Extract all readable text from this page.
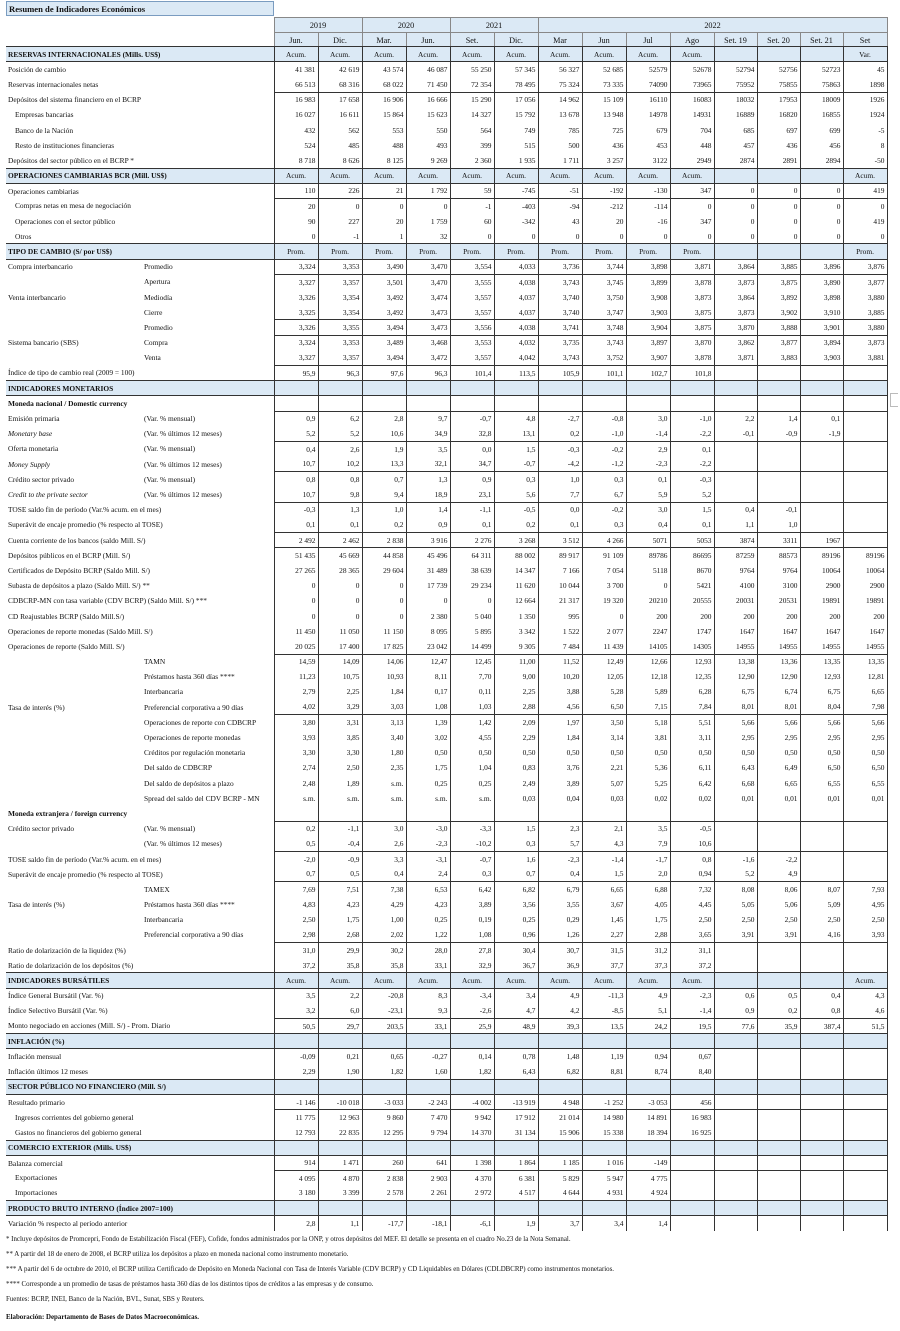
Resumen de Indicadores Económicos
	2019		2020		2021		2022							
	Jun.	Dic.	Mar.	Jun.	Set.	Dic.	Mar	Jun	Jul	Ago	Set. 19	Set. 20	Set. 21	Set
RESERVAS INTERNACIONALES (Mills. US$)		Acum.	Acum.	Acum.	Acum.	Acum.	Acum.	Acum.	Acum.	Acum.	Acum.				Var.
Posición de cambio		41 381	42 619	43 574	46 087	55 250	57 345	56 327	52 685	52579	52678	52794	52756	52723	45
Reservas internacionales netas		66 513	68 316	68 022	71 450	72 354	78 495	75 324	73 335	74090	73965	75952	75855	75863	1898
Depósitos del sistema financiero en el BCRP		16 983	17 658	16 906	16 666	15 290	17 056	14 962	15 109	16110	16083	18032	17953	18009	1926
Empresas bancarias		16 027	16 611	15 864	15 623	14 327	15 792	13 678	13 948	14978	14931	16889	16820	16855	1924
Banco de la Nación		432	562	553	550	564	749	785	725	679	704	685	697	699	-5
Resto de instituciones financieras		524	485	488	493	399	515	500	436	453	448	457	436	456	8
Depósitos del sector público en el BCRP *		8 718	8 626	8 125	9 269	2 360	1 935	1 711	3 257	3122	2949	2874	2891	2894	-50
OPERACIONES CAMBIARIAS BCR (Mill. US$)		Acum.	Acum.	Acum.	Acum.	Acum.	Acum.	Acum.	Acum.	Acum.	Acum.				Acum.
Operaciones cambiarias		110	226	21	1 792	59	-745	-51	-192	-130	347	0	0	0	419
Compras netas en mesa de negociación		20	0	0	0	-1	-403	-94	-212	-114	0	0	0	0	0
Operaciones con el sector público		90	227	20	1 759	60	-342	43	20	-16	347	0	0	0	419
Otros		0	-1	1	32	0	0	0	0	0	0	0	0	0	0
TIPO DE CAMBIO (S/ por US$)		Prom.	Prom.	Prom.	Prom.	Prom.	Prom.	Prom.	Prom.	Prom.	Prom.				Prom.
Compra interbancario	Promedio	3,324	3,353	3,490	3,470	3,554	4,033	3,736	3,744	3,898	3,871	3,864	3,885	3,896	3,876
	Apertura	3,327	3,357	3,501	3,470	3,555	4,038	3,743	3,745	3,899	3,878	3,873	3,875	3,890	3,877
Venta interbancario	Mediodía	3,326	3,354	3,492	3,474	3,557	4,037	3,740	3,750	3,908	3,873	3,864	3,892	3,898	3,880
	Cierre	3,325	3,354	3,492	3,473	3,557	4,037	3,740	3,747	3,903	3,875	3,873	3,902	3,910	3,885
	Promedio	3,326	3,355	3,494	3,473	3,556	4,038	3,741	3,748	3,904	3,875	3,870	3,888	3,901	3,880
Sistema bancario (SBS)	Compra	3,324	3,353	3,489	3,468	3,553	4,032	3,735	3,743	3,897	3,870	3,862	3,877	3,894	3,873
	Venta	3,327	3,357	3,494	3,472	3,557	4,042	3,743	3,752	3,907	3,878	3,871	3,883	3,903	3,881
Índice de tipo de cambio real (2009 = 100)		95,9	96,3	97,6	96,3	101,4	113,5	105,9	101,1	102,7	101,8				
INDICADORES MONETARIOS															
Moneda nacional / Domestic currency															
Emisión primaria	(Var. % mensual)	0,9	6,2	2,8	9,7	-0,7	4,8	-2,7	-0,8	3,0	-1,0	2,2	1,4	0,1	
Monetary base	(Var. % últimos 12 meses)	5,2	5,2	10,6	34,9	32,8	13,1	0,2	-1,0	-1,4	-2,2	-0,1	-0,9	-1,9	
Oferta monetaria	(Var. % mensual)	0,4	2,6	1,9	3,5	0,0	1,5	-0,3	-0,2	2,9	0,1				
Money Supply	(Var. % últimos 12 meses)	10,7	10,2	13,3	32,1	34,7	-0,7	-4,2	-1,2	-2,3	-2,2				
Crédito sector privado	(Var. % mensual)	0,8	0,8	0,7	1,3	0,9	0,3	1,0	0,3	0,1	-0,3				
Credit to the private sector	(Var. % últimos 12 meses)	10,7	9,8	9,4	18,9	23,1	5,6	7,7	6,7	5,9	5,2				
TOSE saldo fin de período (Var.% acum. en el mes)		-0,3	1,3	1,0	1,4	-1,1	-0,5	0,0	-0,2	3,0	1,5	0,4	-0,1		
Superávit de encaje promedio (% respecto al TOSE)		0,1	0,1	0,2	0,9	0,1	0,2	0,1	0,3	0,4	0,1	1,1	1,0		
Cuenta corriente de los bancos (saldo Mill. S/)		2 492	2 462	2 838	3 916	2 276	3 268	3 512	4 266	5071	5053	3874	3311	1967	
Depósitos públicos en el BCRP (Mill. S/)		51 435	45 669	44 858	45 496	64 311	88 002	89 917	91 109	89786	86695	87259	88573	89196	89196
Certificados de Depósito BCRP (Saldo Mill. S/)		27 265	28 365	29 604	31 489	38 639	14 347	7 166	7 054	5118	8670	9764	9764	10064	10064
Subasta de depósitos a plazo (Saldo Mill. S/) **		0	0	0	17 739	29 234	11 620	10 044	3 700	0	5421	4100	3100	2900	2900
CDBCRP-MN con tasa variable (CDV BCRP) (Saldo Mill. S/) ***		0	0	0	0	0	12 664	21 317	19 320	20210	20555	20031	20531	19891	19891
CD Reajustables BCRP (Saldo Mill.S/)		0	0	0	2 380	5 040	1 350	995	0	200	200	200	200	200	200
Operaciones de reporte monedas (Saldo Mill. S/)		11 450	11 050	11 150	8 095	5 895	3 342	1 522	2 077	2247	1747	1647	1647	1647	1647
Operaciones de reporte (Saldo Mill. S/)		20 025	17 400	17 825	23 042	14 499	9 305	7 484	11 439	14105	14305	14955	14955	14955	14955
	TAMN	14,59	14,09	14,06	12,47	12,45	11,00	11,52	12,49	12,66	12,93	13,38	13,36	13,35	13,35
	Préstamos hasta 360 días ****	11,23	10,75	10,93	8,11	7,70	9,00	10,20	12,05	12,18	12,35	12,90	12,90	12,93	12,81
	Interbancaria	2,79	2,25	1,84	0,17	0,11	2,25	3,88	5,28	5,89	6,28	6,75	6,74	6,75	6,65
Tasa de interés (%)	Preferencial corporativa a 90 días	4,02	3,29	3,03	1,08	1,03	2,88	4,56	6,50	7,15	7,84	8,01	8,01	8,04	7,98
	Operaciones de reporte con CDBCRP	3,80	3,31	3,13	1,39	1,42	2,09	1,97	3,50	5,18	5,51	5,66	5,66	5,66	5,66
	Operaciones de reporte monedas	3,93	3,85	3,40	3,02	4,55	2,29	1,84	3,14	3,81	3,11	2,95	2,95	2,95	2,95
	Créditos por regulación monetaria	3,30	3,30	1,80	0,50	0,50	0,50	0,50	0,50	0,50	0,50	0,50	0,50	0,50	0,50
	Del saldo de CDBCRP	2,74	2,50	2,35	1,75	1,04	0,83	3,76	2,21	5,36	6,11	6,43	6,49	6,50	6,50
	Del saldo de depósitos a plazo	2,48	1,89	s.m.	0,25	0,25	2,49	3,89	5,07	5,25	6,42	6,68	6,65	6,55	6,55
	Spread del saldo del CDV BCRP - MN	s.m.	s.m.	s.m.	s.m.	s.m.	0,03	0,04	0,03	0,02	0,02	0,01	0,01	0,01	0,01
Moneda extranjera / foreign currency															
Crédito sector privado	(Var. % mensual)	0,2	-1,1	3,0	-3,0	-3,3	1,5	2,3	2,1	3,5	-0,5				
	(Var. % últimos 12 meses)	0,5	-0,4	2,6	-2,3	-10,2	0,3	5,7	4,3	7,9	10,6				
TOSE saldo fin de período (Var.% acum. en el mes)		-2,0	-0,9	3,3	-3,1	-0,7	1,6	-2,3	-1,4	-1,7	0,8	-1,6	-2,2		
Superávit de encaje promedio (% respecto al TOSE)		0,7	0,5	0,4	2,4	0,3	0,7	0,4	1,5	2,0	0,94	5,2	4,9		
	TAMEX	7,69	7,51	7,38	6,53	6,42	6,82	6,79	6,65	6,88	7,32	8,08	8,06	8,07	7,93
Tasa de interés (%)	Préstamos hasta 360 días ****	4,83	4,23	4,29	4,23	3,89	3,56	3,55	3,67	4,05	4,45	5,05	5,06	5,09	4,95
	Interbancaria	2,50	1,75	1,00	0,25	0,19	0,25	0,29	1,45	1,75	2,50	2,50	2,50	2,50	2,50
	Preferencial corporativa a 90 días	2,98	2,68	2,02	1,22	1,08	0,96	1,26	2,27	2,88	3,65	3,91	3,91	4,16	3,93
Ratio de dolarización de la liquidez (%)		31,0	29,9	30,2	28,0	27,8	30,4	30,7	31,5	31,2	31,1				
Ratio de dolarización de los depósitos (%)		37,2	35,8	35,8	33,1	32,9	36,7	36,9	37,7	37,3	37,2				
INDICADORES BURSÁTILES		Acum.	Acum.	Acum.	Acum.	Acum.	Acum.	Acum.	Acum.	Acum.	Acum.				Acum.
Índice General Bursátil (Var. %)		3,5	2,2	-20,8	8,3	-3,4	3,4	4,9	-11,3	4,9	-2,3	0,6	0,5	0,4	4,3
Índice Selectivo Bursátil (Var. %)		3,2	6,0	-23,1	9,3	-2,6	4,7	4,2	-8,5	5,1	-1,4	0,9	0,2	0,8	4,6
Monto negociado en acciones (Mill. S/) - Prom. Diario		50,5	29,7	203,5	33,1	25,9	48,9	39,3	13,5	24,2	19,5	77,6	35,9	387,4	51,5
INFLACIÓN (%)															
Inflación mensual		-0,09	0,21	0,65	-0,27	0,14	0,78	1,48	1,19	0,94	0,67				
Inflación últimos 12 meses		2,29	1,90	1,82	1,60	1,82	6,43	6,82	8,81	8,74	8,40				
SECTOR PÚBLICO NO FINANCIERO (Mill. S/)															
Resultado primario		-1 146	-10 018	-3 033	-2 243	-4 002	-13 919	4 948	-1 252	-3 053	456				
Ingresos corrientes del gobierno general		11 775	12 963	9 860	7 470	9 942	17 912	21 014	14 980	14 891	16 983				
Gastos no financieros del gobierno general		12 793	22 835	12 295	9 794	14 370	31 134	15 906	15 338	18 394	16 925				
COMERCIO EXTERIOR (Mills. US$)															
Balanza comercial		914	1 471	260	641	1 398	1 864	1 185	1 016	-149					
Exportaciones		4 095	4 870	2 838	2 903	4 370	6 381	5 829	5 947	4 775					
Importaciones		3 180	3 399	2 578	2 261	2 972	4 517	4 644	4 931	4 924					
PRODUCTO BRUTO INTERNO (Índice 2007=100)															
Variación % respecto al período anterior		2,8	1,1	-17,7	-18,1	-6,1	1,9	3,7	3,4	1,4					
* Incluye depósitos de Promcepri, Fondo de Estabilización Fiscal (FEF), Cofide, fondos administrados por la ONP, y otros depósitos del MEF. El detalle se presenta en el cuadro No.23 de la Nota Semanal.
** A partir del 18 de enero de 2008, el BCRP utiliza los depósitos a plazo en moneda nacional como instrumento monetario.
*** A partir del 6 de octubre de 2010, el BCRP utiliza Certificado de Depósito en Moneda Nacional con Tasa de Interés Variable (CDV BCRP) y CD Liquidables en Dólares (CDLDBCRP) como instrumentos monetarios.
**** Corresponde a un promedio de tasas de préstamos hasta 360 días de los distintos tipos de créditos a las empresas y de consumo.
Fuentes: BCRP, INEI, Banco de la Nación, BVL, Sunat, SBS y Reuters.
Elaboración: Departamento de Bases de Datos Macroeconómicas.
